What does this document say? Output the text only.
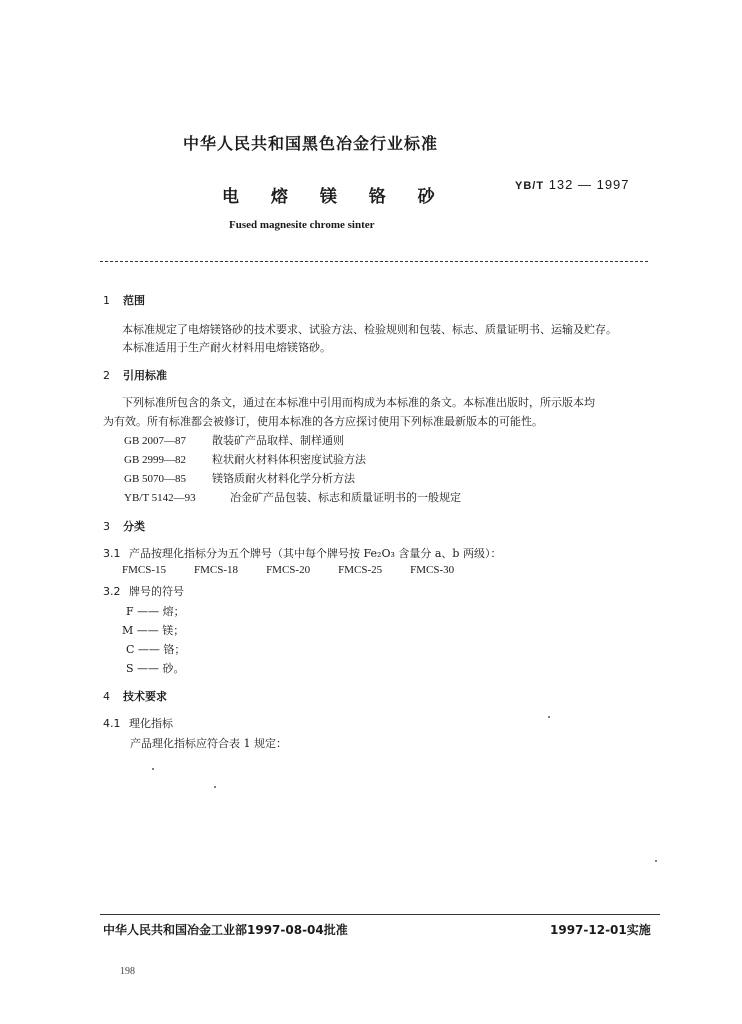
中华人民共和国黑色冶金行业标准
电 熔 镁 铬 砂
YB/T 132 — 1997
Fused magnesite chrome sinter
1 范围
本标准规定了电熔镁铬砂的技术要求、试验方法、检验规则和包装、标志、质量证明书、运输及贮存。
本标准适用于生产耐火材料用电熔镁铬砂。
2 引用标准
下列标准所包含的条文，通过在本标准中引用而构成为本标准的条文。本标准出版时，所示版本均
为有效。所有标准都会被修订，使用本标准的各方应探讨使用下列标准最新版本的可能性。
GB 2007—87 散装矿产品取样、制样通则
GB 2999—82 粒状耐火材料体积密度试验方法
GB 5070—85 镁铬质耐火材料化学分析方法
YB/T 5142—93	冶金矿产品包装、标志和质量证明书的一般规定
3 分类
3.1 产品按理化指标分为五个牌号（其中每个牌号按 Fe₂O₃ 含量分 a、b 两级）：
FMCS-15	FMCS-18	FMCS-20	FMCS-25	FMCS-30
3.2 牌号的符号
F —— 熔；
M —— 镁；
C —— 铬；
S —— 砂。
4 技术要求
4.1 理化指标
产品理化指标应符合表 1 规定：
中华人民共和国冶金工业部1997-08-04批准	1997-12-01实施
198
